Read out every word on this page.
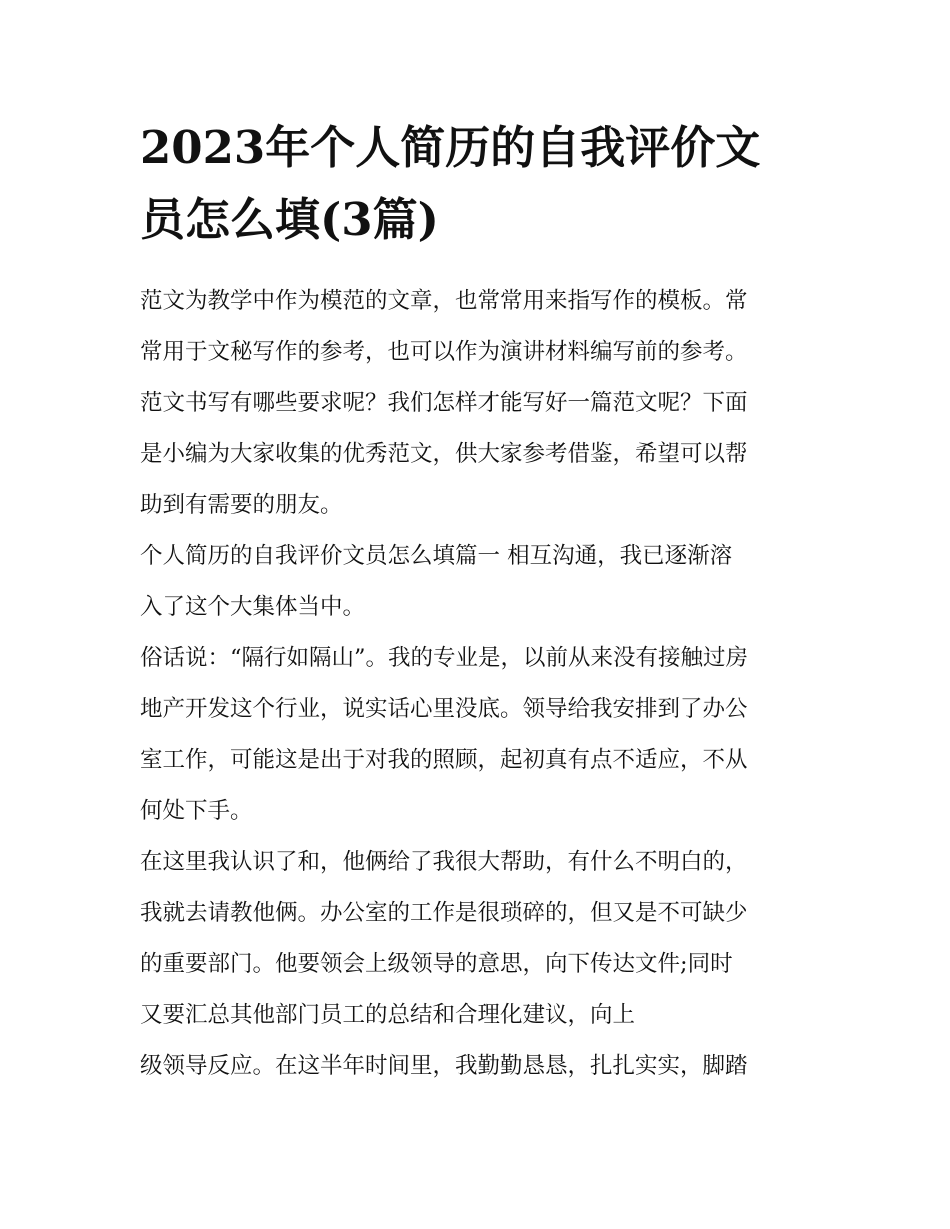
2023年个人简历的自我评价文
员怎么填(3篇)
范文为教学中作为模范的文章，也常常用来指写作的模板。常
常用于文秘写作的参考，也可以作为演讲材料编写前的参考。
范文书写有哪些要求呢？我们怎样才能写好一篇范文呢？下面
是小编为大家收集的优秀范文，供大家参考借鉴，希望可以帮
助到有需要的朋友。
个人简历的自我评价文员怎么填篇一 相互沟通，我已逐渐溶
入了这个大集体当中。
俗话说：“隔行如隔山”。我的专业是，以前从来没有接触过房
地产开发这个行业，说实话心里没底。领导给我安排到了办公
室工作，可能这是出于对我的照顾，起初真有点不适应，不从
何处下手。
在这里我认识了和，他俩给了我很大帮助，有什么不明白的，
我就去请教他俩。办公室的工作是很琐碎的，但又是不可缺少
的重要部门。他要领会上级领导的意思，向下传达文件;同时
又要汇总其他部门员工的总结和合理化建议，向上
级领导反应。在这半年时间里，我勤勤恳恳，扎扎实实，脚踏
